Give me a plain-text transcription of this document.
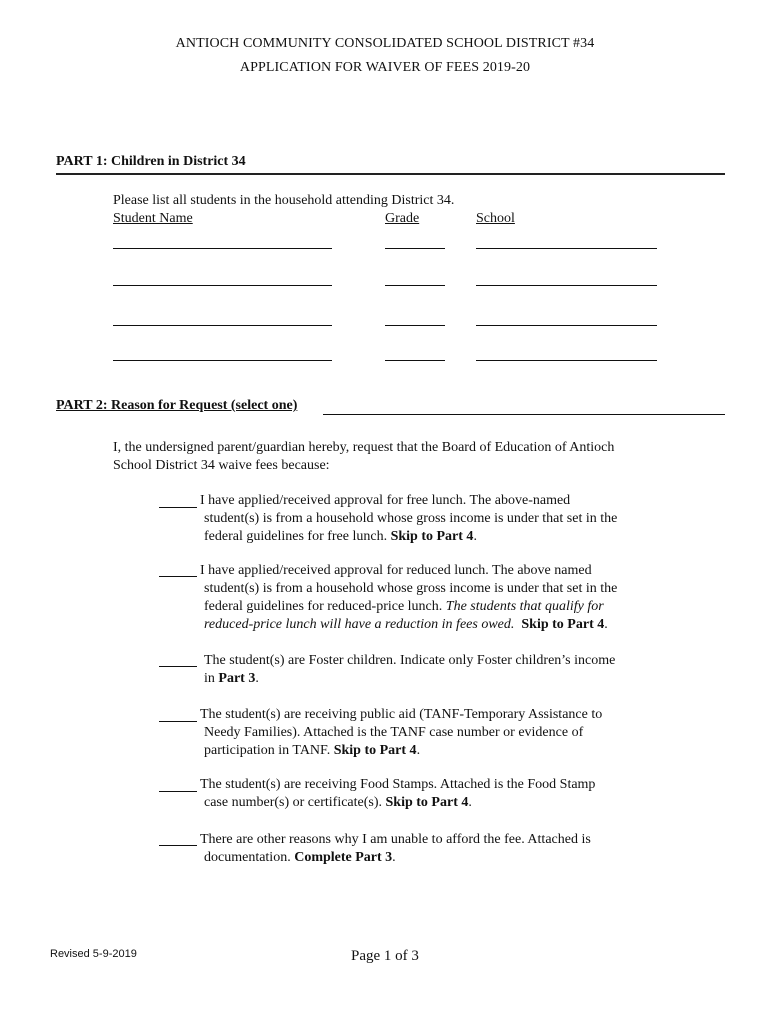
ANTIOCH COMMUNITY CONSOLIDATED SCHOOL DISTRICT #34
APPLICATION FOR WAIVER OF FEES 2019-20
PART 1: Children in District 34
Please list all students in the household attending District 34.
Student Name	Grade	School
PART 2: Reason for Request (select one)
I, the undersigned parent/guardian hereby, request that the Board of Education of Antioch
School District 34 waive fees because:
I have applied/received approval for free lunch. The above-named
student(s) is from a household whose gross income is under that set in the
federal guidelines for free lunch. Skip to Part 4.
I have applied/received approval for reduced lunch. The above named
student(s) is from a household whose gross income is under that set in the
federal guidelines for reduced-price lunch. The students that qualify for
reduced-price lunch will have a reduction in fees owed. Skip to Part 4.
The student(s) are Foster children. Indicate only Foster children’s income
in Part 3.
The student(s) are receiving public aid (TANF-Temporary Assistance to
Needy Families). Attached is the TANF case number or evidence of
participation in TANF. Skip to Part 4.
The student(s) are receiving Food Stamps. Attached is the Food Stamp
case number(s) or certificate(s). Skip to Part 4.
There are other reasons why I am unable to afford the fee. Attached is
documentation. Complete Part 3.
Revised 5-9-2019	Page 1 of 3
